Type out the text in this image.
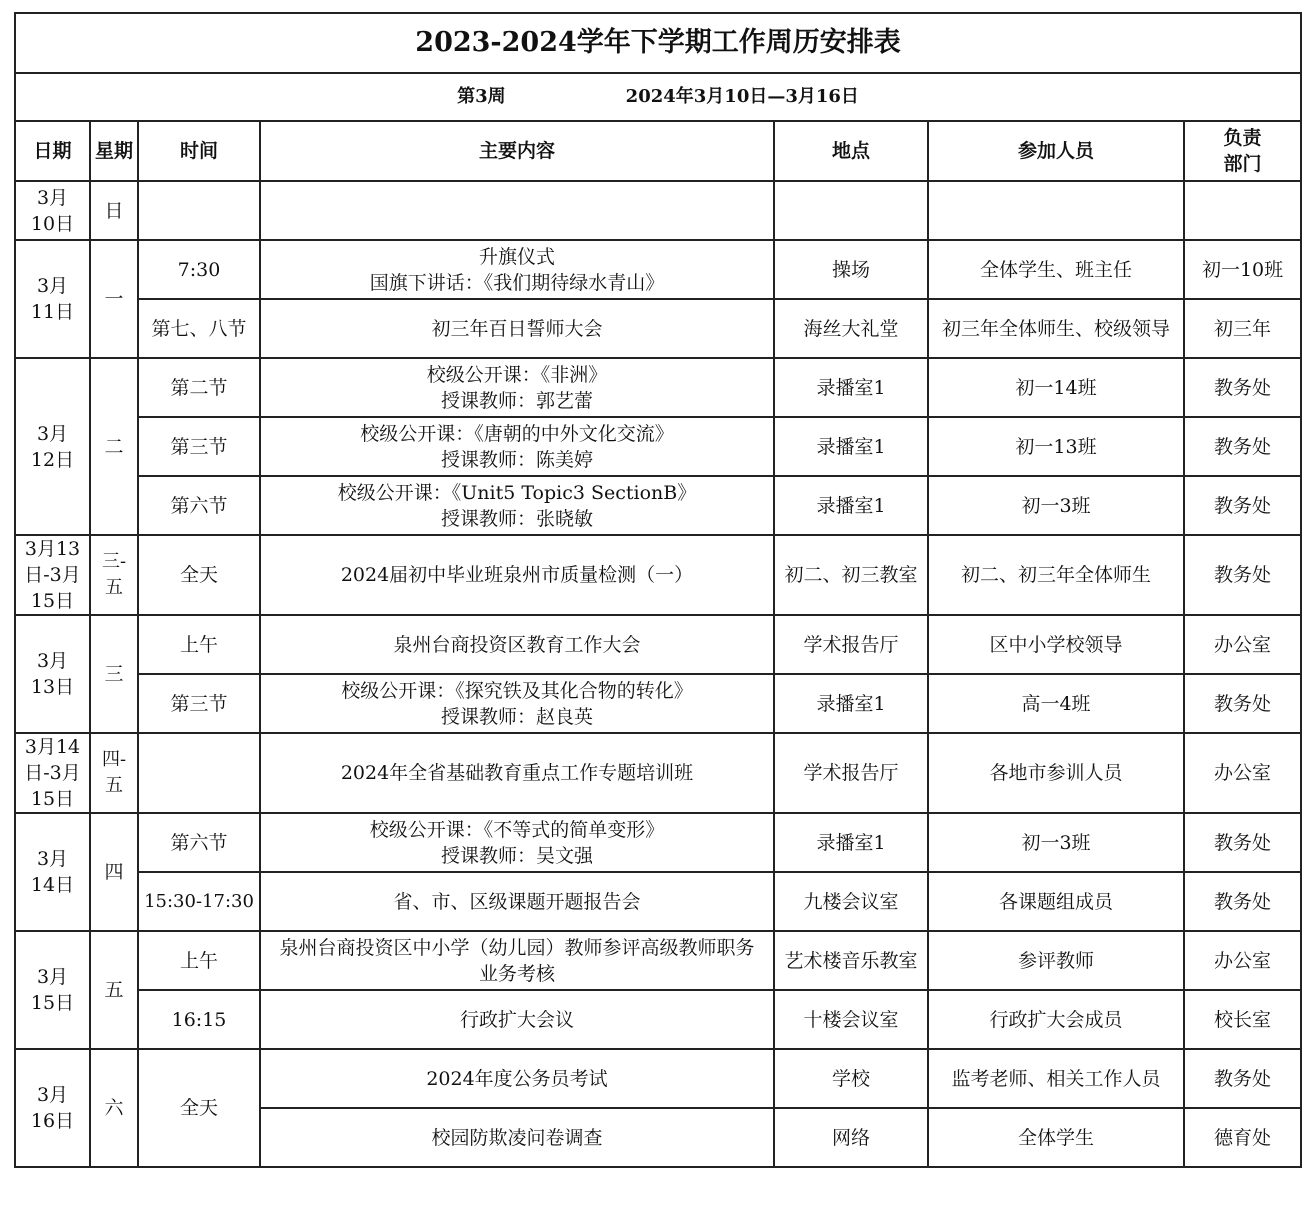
2023-2024学年下学期工作周历安排表						
第3周 2024年3月10日—3月16日						
日期	星期	时间	主要内容	地点	参加人员	负责
部门

3月
10日	日					

3月
11日	一	7:30	升旗仪式
国旗下讲话：《我们期待绿水青山》	操场	全体学生、班主任	初一10班
		第七、八节	初三年百日誓师大会	海丝大礼堂	初三年全体师生、校级领导	初三年

3月
12日	二	第二节	校级公开课：《非洲》
授课教师：郭艺蕾	录播室1	初一14班	教务处
		第三节	校级公开课：《唐朝的中外文化交流》
授课教师：陈美婷	录播室1	初一13班	教务处
		第六节	校级公开课：《Unit5 Topic3 SectionB》
授课教师：张晓敏	录播室1	初一3班	教务处

3月13
日-3月
15日	三-五	全天	2024届初中毕业班泉州市质量检测（一）	初二、初三教室	初二、初三年全体师生	教务处

3月
13日	三	上午	泉州台商投资区教育工作大会	学术报告厅	区中小学校领导	办公室
		第三节	校级公开课：《探究铁及其化合物的转化》
授课教师：赵良英	录播室1	高一4班	教务处

3月14
日-3月
15日	四-五		2024年全省基础教育重点工作专题培训班	学术报告厅	各地市参训人员	办公室

3月
14日	四	第六节	校级公开课：《不等式的简单变形》
授课教师：吴文强	录播室1	初一3班	教务处
		15:30-17:30	省、市、区级课题开题报告会	九楼会议室	各课题组成员	教务处

3月
15日	五	上午	泉州台商投资区中小学（幼儿园）教师参评高级教师职务
业务考核	艺术楼音乐教室	参评教师	办公室
		16:15	行政扩大会议	十楼会议室	行政扩大会成员	校长室

3月
16日	六	全天	2024年度公务员考试	学校	监考老师、相关工作人员	教务处
			校园防欺凌问卷调查	网络	全体学生	德育处
